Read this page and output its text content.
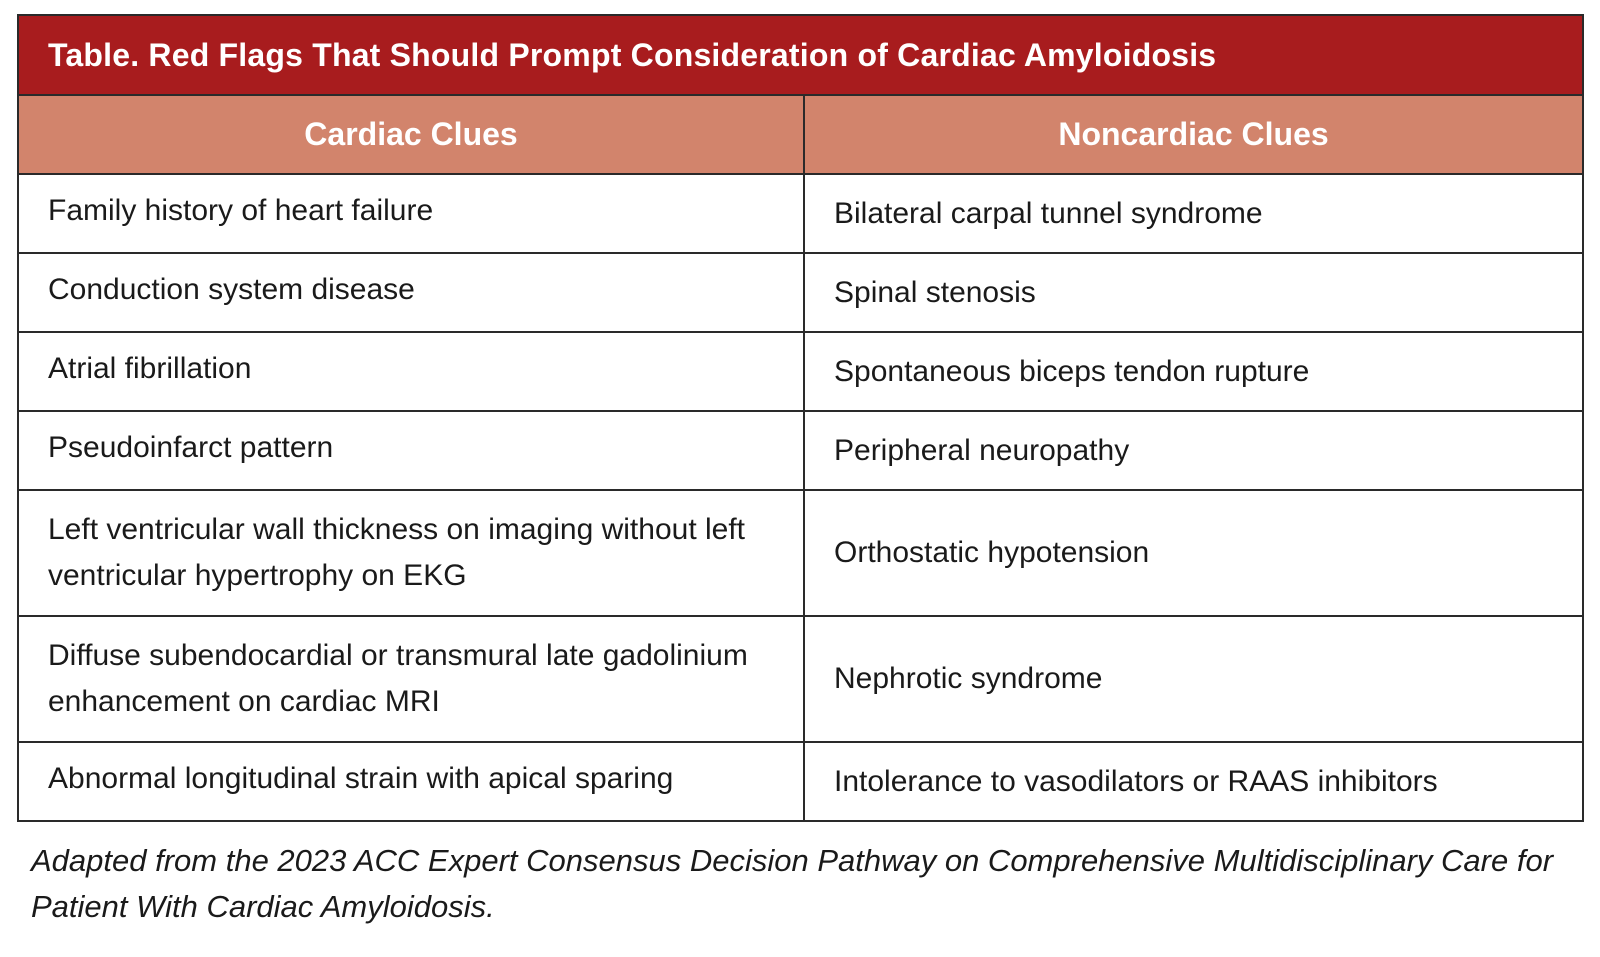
Table. Red Flags That Should Prompt Consideration of Cardiac Amyloidosis
Cardiac Clues	Noncardiac Clues

Family history of heart failure	Bilateral carpal tunnel syndrome

Conduction system disease	Spinal stenosis

Atrial fibrillation	Spontaneous biceps tendon rupture

Pseudoinfarct pattern	Peripheral neuropathy

Left ventricular wall thickness on imaging without left ventricular hypertrophy on EKG	Orthostatic hypotension

Diffuse subendocardial or transmural late gadolinium enhancement on cardiac MRI	Nephrotic syndrome

Abnormal longitudinal strain with apical sparing	Intolerance to vasodilators or RAAS inhibitors
Adapted from the 2023 ACC Expert Consensus Decision Pathway on Comprehensive Multidisciplinary Care for Patient With Cardiac Amyloidosis.
